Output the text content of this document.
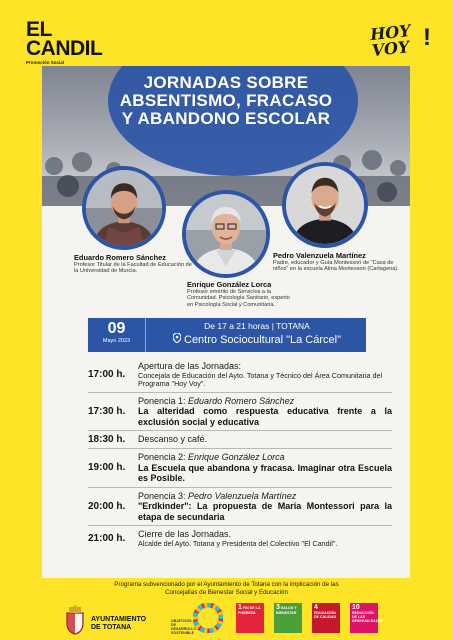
EL
CANDIL
Promoción Social
HOY VOY !
JORNADAS SOBRE
ABSENTISMO, FRACASO
Y ABANDONO ESCOLAR
Eduardo Romero Sánchez
Profesor Titular de la Facultad de Educación de la Universidad de Murcia.
Enrique González Lorca
Profesor emérito de Servicios a la Comunidad. Psicología Sanitario, experto en Psicología Social y Comunitaria.
Pedro Valenzuela Martínez
Padre, educador y Guía Montessori de "Casa de niños" en la escuela Alma Montessori (Cartagena).
09
Mayo 2023
De 17 a 21 horas | TOTANA
Centro Sociocultural "La Cárcel"
17:00 h.
Apertura de las Jornadas:
Concejala de Educación del Ayto. Totana y Técnico del Área Comunitaria del Programa "Hoy Voy".
17:30 h.
Ponencia 1: Eduardo Romero Sánchez
La alteridad como respuesta educativa frente a la exclusión social y educativa
18:30 h.	Descanso y café.
19:00 h.
Ponencia 2: Enrique González Lorca
La Escuela que abandona y fracasa. Imaginar otra Escuela es Posible.
20:00 h.
Ponencia 3: Pedro Valenzuela Martínez
"Erdkinder": La propuesta de María Montessori para la etapa de secundaria
21:00 h.	Cierre de las Jornadas.
Alcalde del Ayto. Totana y Presidenta del Colectivo "El Candil".
Programa subvencionado por el Ayuntamiento de Totana con la implicación de las
Concejalías de Bienestar Social y Educación
AYUNTAMIENTO
DE TOTANA
OBJETIVOS DE DESARROLLO SOSTENIBLE
1FIN DE LA POBREZA
3SALUD Y BIENESTAR
4EDUCACIÓN DE CALIDAD
10REDUCCIÓN DE LAS DESIGUALDADES
